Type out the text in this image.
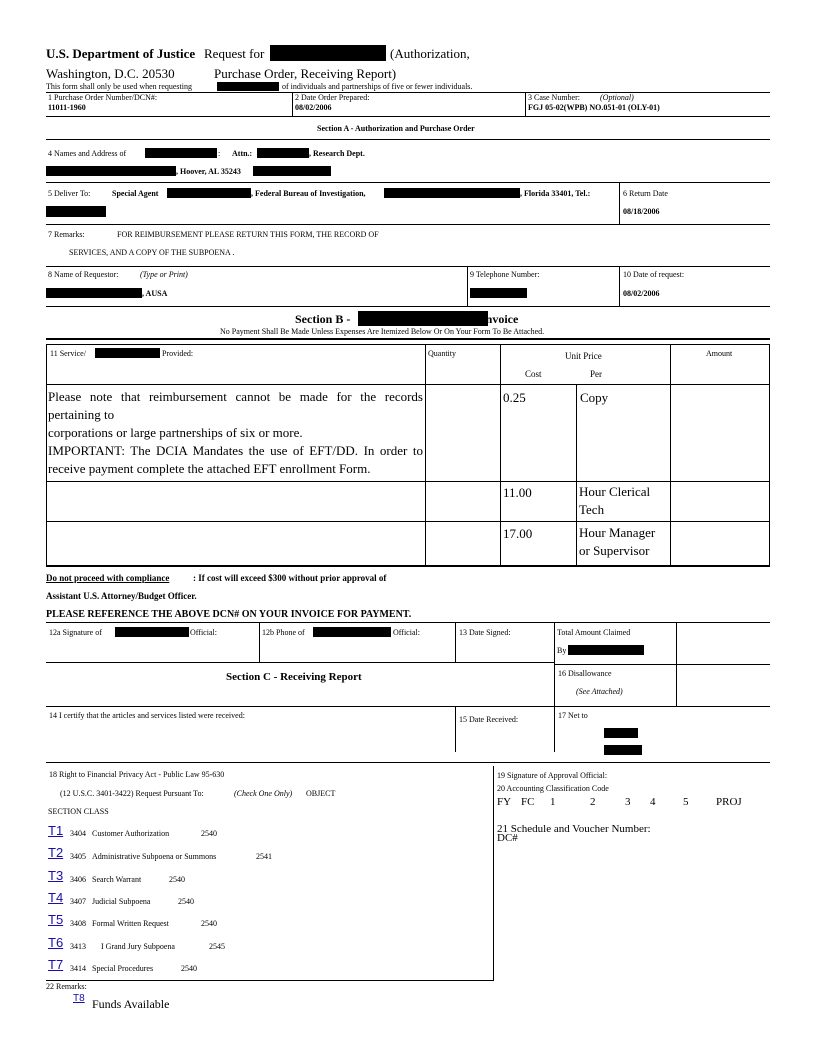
U.S. Department of Justice Request for	(Authorization,
Washington, D.C. 20530	Purchase Order, Receiving Report)
This form shall only be used when requesting	of individuals and partnerships of five or fewer individuals.
1 Purchase Order Number/DCN#:
11011-1960
2 Date Order Prepared:
08/02/2006
3 Case Number:	(Optional)
FGJ 05-02(WPB) NO.051-01 (OLY-01)
Section A - Authorization and Purchase Order
4 Names and Address of	: Attn.:	, Research Dept.
, Hoover, AL 35243
5 Deliver To:	Special Agent	, Federal Bureau of Investigation,	, Florida 33401, Tel.:	6 Return Date
08/18/2006
7 Remarks:	FOR REIMBURSEMENT PLEASE RETURN THIS FORM, THE RECORD OF
SERVICES, AND A COPY OF THE SUBPOENA .
8 Name of Requestor:	(Type or Print)
, AUSA
9 Telephone Number:	10 Date of request:
08/02/2006
Section B -	Invoice
No Payment Shall Be Made Unless Expenses Are Itemized Below Or On Your Form To Be Attached.
11 Service/	Provided:	Quantity	Unit Price
Cost	Per
Amount
Please note that reimbursement cannot be made for the records pertaining to
corporations or large partnerships of six or more.
IMPORTANT: The DCIA Mandates the use of EFT/DD. In order to receive payment complete the attached EFT enrollment Form.
0.25	Copy
11.00	Hour Clerical Tech
17.00	Hour Manager or Supervisor
Do not proceed with compliance	: If cost will exceed $300 without prior approval of
Assistant U.S. Attorney/Budget Officer.
PLEASE REFERENCE THE ABOVE DCN# ON YOUR INVOICE FOR PAYMENT.
12a Signature of	Official:	12b Phone of	Official:	13 Date Signed:	Total Amount Claimed
By
Section C - Receiving Report	16 Disallowance
(See Attached)
14 I certify that the articles and services listed were received:	15 Date Received:	17 Net to
18 Right to Financial Privacy Act - Public Law 95-630
(12 U.S.C. 3401-3422) Request Pursuant To:	(Check One Only) OBJECT
SECTION CLASS
T1 3404 Customer Authorization	2540
T2 3405 Administrative Subpoena or Summons	2541
T3 3406 Search Warrant	2540
T4 3407 Judicial Subpoena	2540
T5 3408 Formal Written Request	2540
T6 3413 I Grand Jury Subpoena	2545
T7 3414 Special Procedures	2540
19 Signature of Approval Official:
20 Accounting Classification Code
FY FC 1	2	3 4	5	PROJ
21 Schedule and Voucher Number:
DC#
22 Remarks:
T8 Funds Available
